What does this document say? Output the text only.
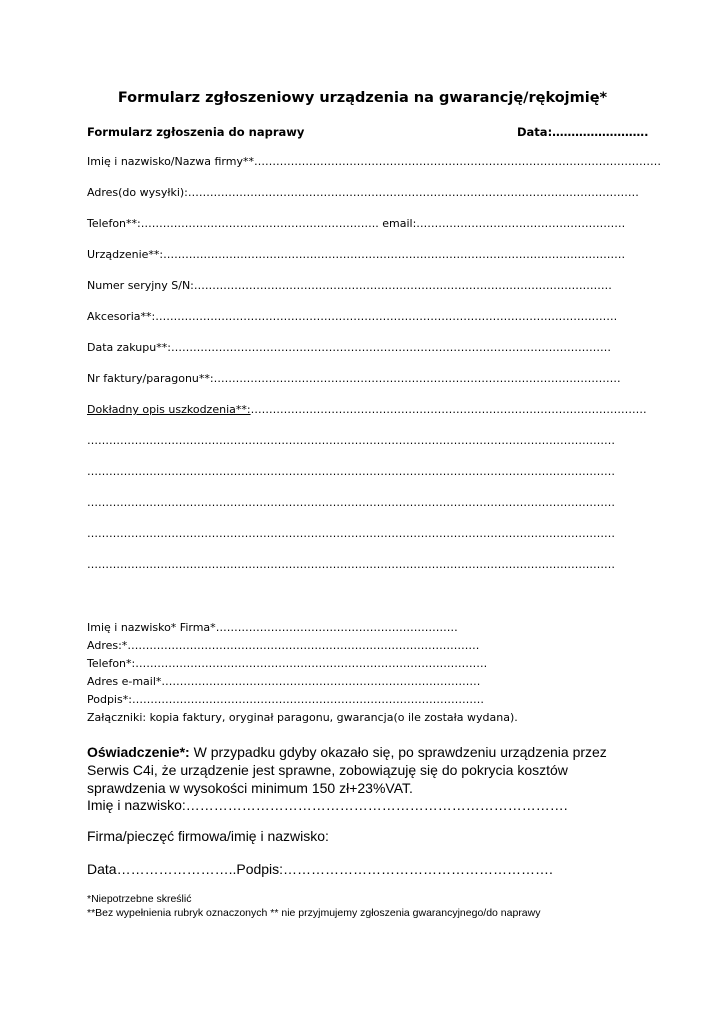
Formularz zgłoszeniowy urządzenia na gwarancję/rękojmię*
Formularz zgłoszenia do naprawy	Data:…………………….
Imię i nazwisko/Nazwa firmy**…………………………………………………………………………………………………
Adres(do wysyłki):……………………………………………………………………………………………………………
Telefon**:……………………………………………………….. email:…………………………………………………
Urządzenie**:………………………………………………………………………………………………………………
Numer seryjny S/N:……………………………………………………………………………………………………
Akcesoria**:………………………………………………………………………………………………………………
Data zakupu**:…………………………………………………………………………………………………………
Nr faktury/paragonu**:…………………………………………………………………………………………………
Dokładny opis uszkodzenia**:………………………………………………………………………………………………
………………………………………………………………………………………………………………………………
………………………………………………………………………………………………………………………………
………………………………………………………………………………………………………………………………
………………………………………………………………………………………………………………………………
………………………………………………………………………………………………………………………………
Imię i nazwisko* Firma*…………………………………………………………
Adres:*……………………………………………………………………………………
Telefon*:……………………………………………………………………………………
Adres e-mail*……………………………………………………………………………
Podpis*:……………………………………………………………………………………
Załączniki: kopia faktury, oryginał paragonu, gwarancja(o ile została wydana).
Oświadczenie*: W przypadku gdyby okazało się, po sprawdzeniu urządzenia przez Serwis C4i, że urządzenie jest sprawne, zobowiązuję się do pokrycia kosztów sprawdzenia w wysokości minimum 150 zł+23%VAT.
Imię i nazwisko:……………………………………………………………………….
Firma/pieczęć firmowa/imię i nazwisko:
Data……………………..Podpis:………………………………………………….
*Niepotrzebne skreślić
**Bez wypełnienia rubryk oznaczonych ** nie przyjmujemy zgłoszenia gwarancyjnego/do naprawy
